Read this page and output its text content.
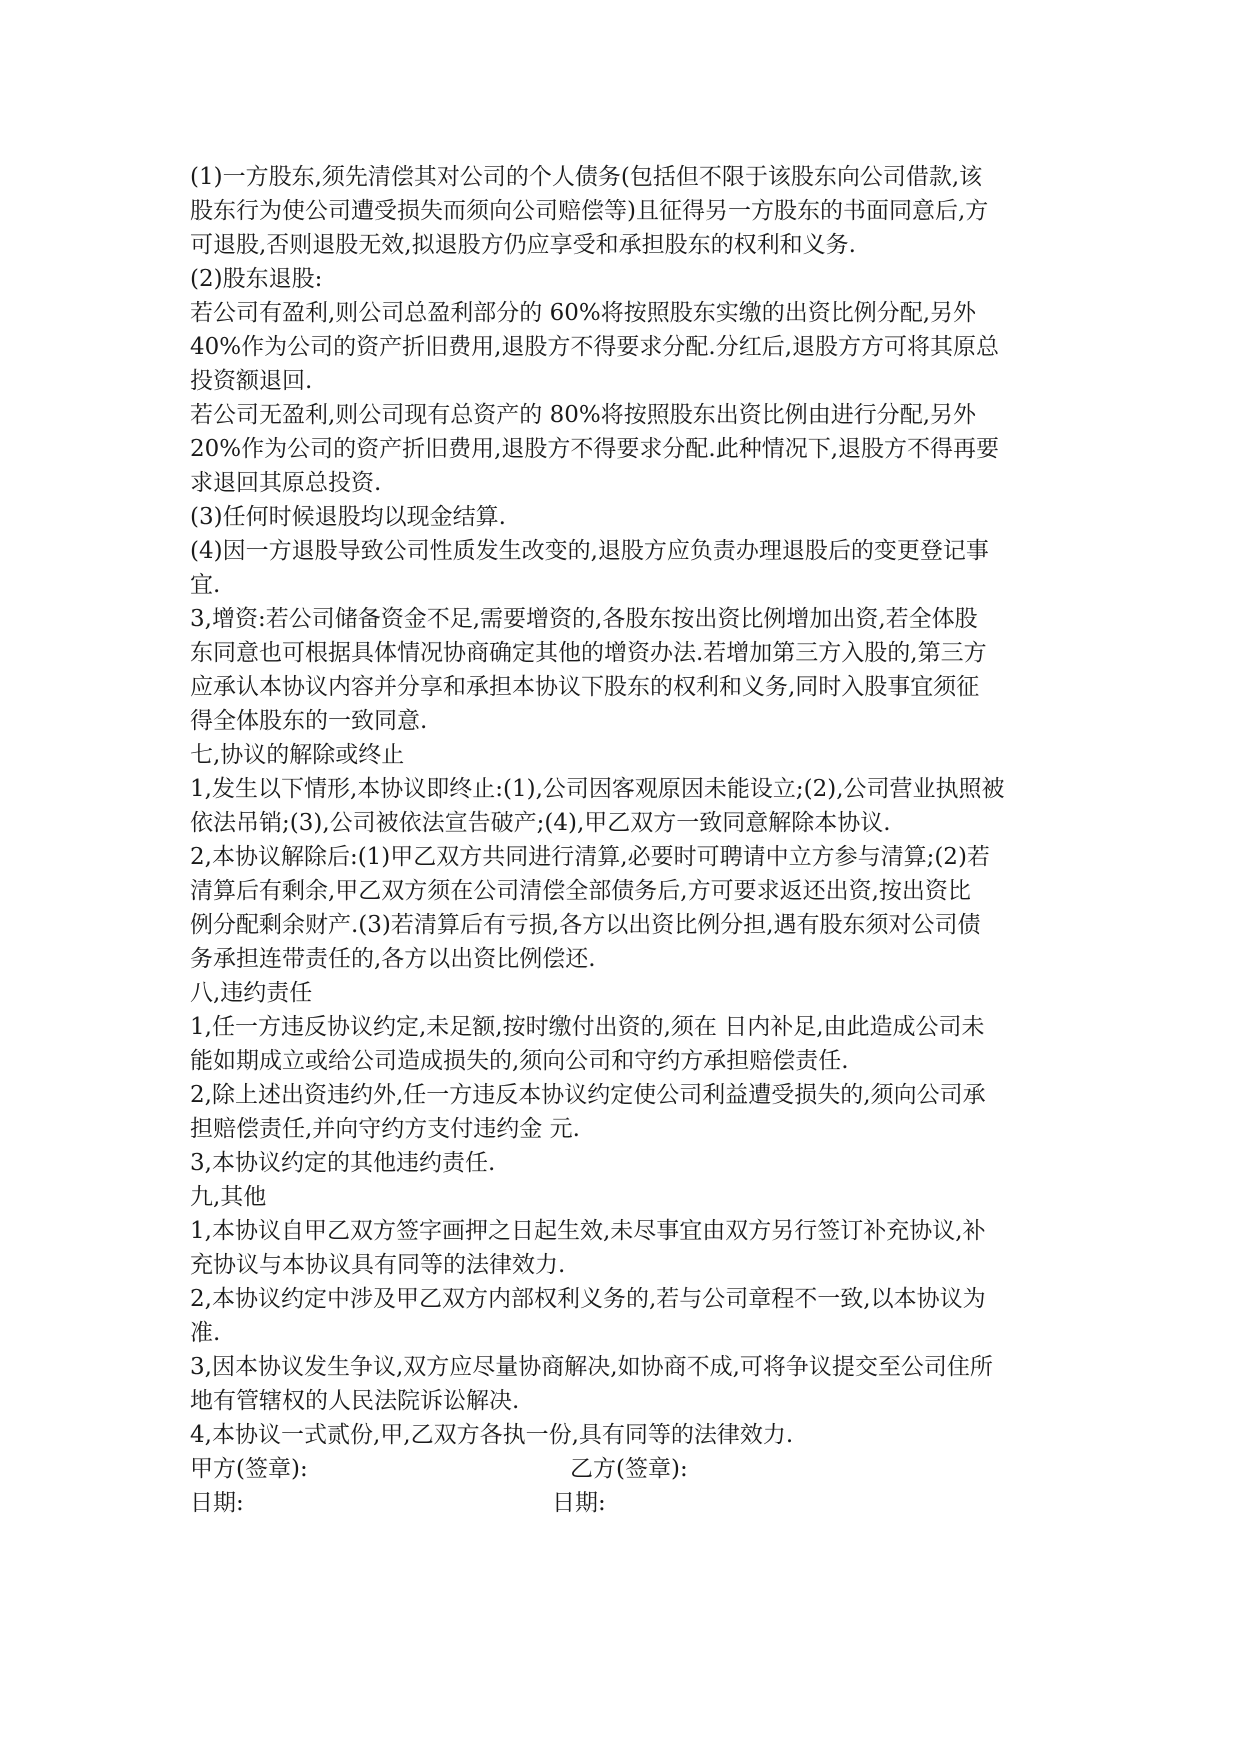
(1)一方股东,须先清偿其对公司的个人债务(包括但不限于该股东向公司借款,该
股东行为使公司遭受损失而须向公司赔偿等)且征得另一方股东的书面同意后,方
可退股,否则退股无效,拟退股方仍应享受和承担股东的权利和义务.
(2)股东退股:
若公司有盈利,则公司总盈利部分的 60%将按照股东实缴的出资比例分配,另外
40%作为公司的资产折旧费用,退股方不得要求分配.分红后,退股方方可将其原总
投资额退回.
若公司无盈利,则公司现有总资产的 80%将按照股东出资比例由进行分配,另外
20%作为公司的资产折旧费用,退股方不得要求分配.此种情况下,退股方不得再要
求退回其原总投资.
(3)任何时候退股均以现金结算.
(4)因一方退股导致公司性质发生改变的,退股方应负责办理退股后的变更登记事
宜.
3,增资:若公司储备资金不足,需要增资的,各股东按出资比例增加出资,若全体股
东同意也可根据具体情况协商确定其他的增资办法.若增加第三方入股的,第三方
应承认本协议内容并分享和承担本协议下股东的权利和义务,同时入股事宜须征
得全体股东的一致同意.
七,协议的解除或终止
1,发生以下情形,本协议即终止:(1),公司因客观原因未能设立;(2),公司营业执照被
依法吊销;(3),公司被依法宣告破产;(4),甲乙双方一致同意解除本协议.
2,本协议解除后:(1)甲乙双方共同进行清算,必要时可聘请中立方参与清算;(2)若
清算后有剩余,甲乙双方须在公司清偿全部债务后,方可要求返还出资,按出资比
例分配剩余财产.(3)若清算后有亏损,各方以出资比例分担,遇有股东须对公司债
务承担连带责任的,各方以出资比例偿还.
八,违约责任
1,任一方违反协议约定,未足额,按时缴付出资的,须在 日内补足,由此造成公司未
能如期成立或给公司造成损失的,须向公司和守约方承担赔偿责任.
2,除上述出资违约外,任一方违反本协议约定使公司利益遭受损失的,须向公司承
担赔偿责任,并向守约方支付违约金 元.
3,本协议约定的其他违约责任.
九,其他
1,本协议自甲乙双方签字画押之日起生效,未尽事宜由双方另行签订补充协议,补
充协议与本协议具有同等的法律效力.
2,本协议约定中涉及甲乙双方内部权利义务的,若与公司章程不一致,以本协议为
准.
3,因本协议发生争议,双方应尽量协商解决,如协商不成,可将争议提交至公司住所
地有管辖权的人民法院诉讼解决.
4,本协议一式贰份,甲,乙双方各执一份,具有同等的法律效力.
甲方(签章):	乙方(签章):
日期:	日期:
